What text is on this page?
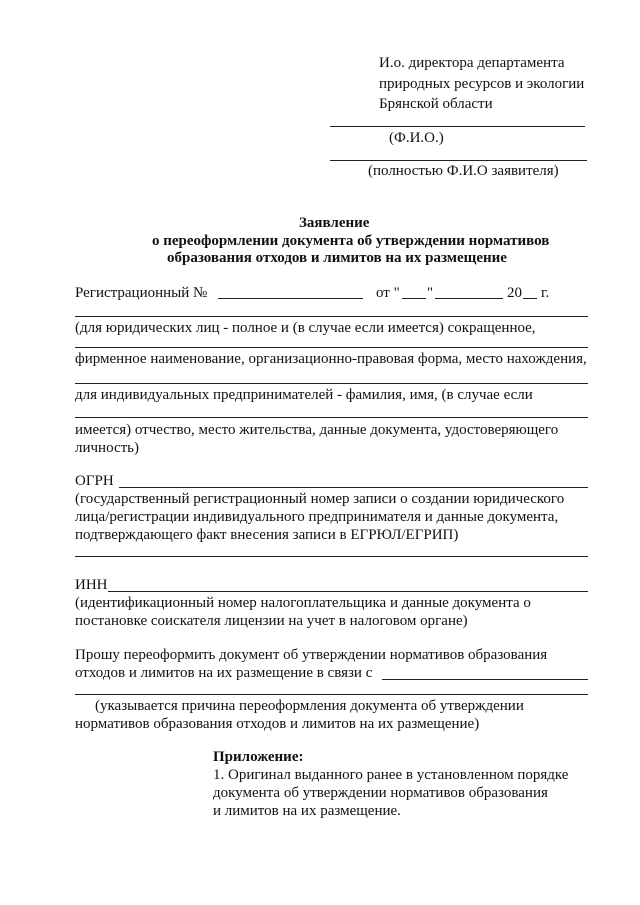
И.о. директора департамента
природных ресурсов и экологии
Брянской области
(Ф.И.О.)
(полностью Ф.И.О заявителя)
Заявление
о переоформлении документа об утверждении нормативов
образования отходов и лимитов на их размещение
Регистрационный №	от " "	20 г.
(для юридических лиц - полное и (в случае если имеется) сокращенное,
фирменное наименование, организационно-правовая форма, место нахождения,
для индивидуальных предпринимателей - фамилия, имя, (в случае если
имеется) отчество, место жительства, данные документа, удостоверяющего
личность)
ОГРН
(государственный регистрационный номер записи о создании юридического
лица/регистрации индивидуального предпринимателя и данные документа,
подтверждающего факт внесения записи в ЕГРЮЛ/ЕГРИП)
ИНН
(идентификационный номер налогоплательщика и данные документа о
постановке соискателя лицензии на учет в налоговом органе)
Прошу переоформить документ об утверждении нормативов образования
отходов и лимитов на их размещение в связи с
(указывается причина переоформления документа об утверждении
нормативов образования отходов и лимитов на их размещение)
Приложение:
1. Оригинал выданного ранее в установленном порядке
документа об утверждении нормативов образования
и лимитов на их размещение.
